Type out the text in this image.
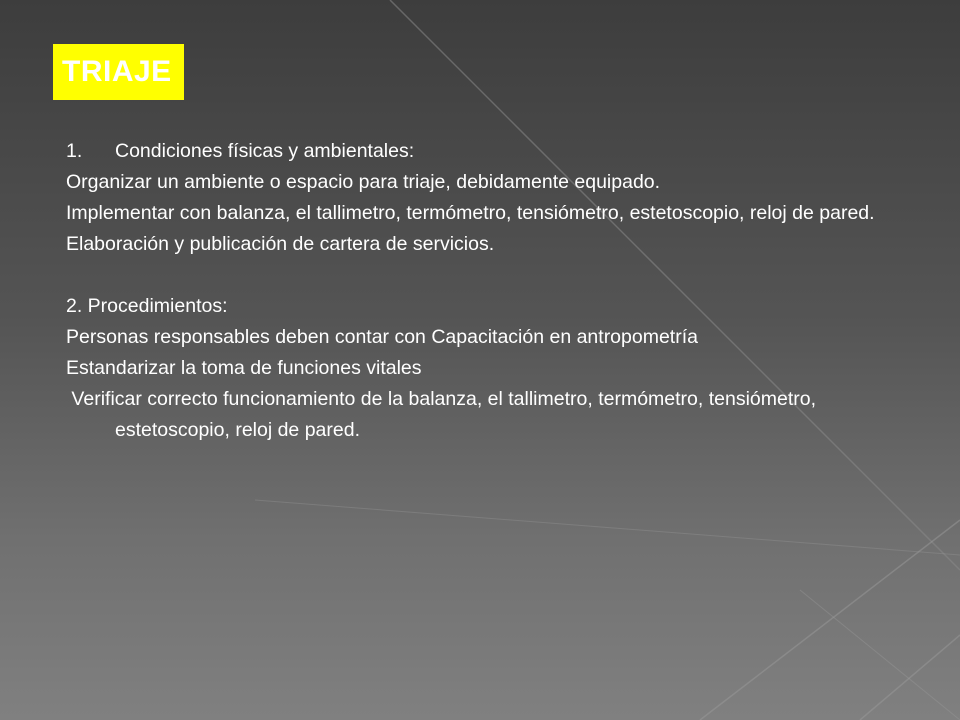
TRIAJE
1.	Condiciones físicas y ambientales:

Organizar un ambiente o espacio para triaje, debidamente equipado.

Implementar con balanza, el tallimetro, termómetro, tensiómetro, estetoscopio, reloj de pared.

Elaboración y publicación de cartera de servicios.

2. Procedimientos:

Personas responsables deben contar con Capacitación en antropometría

Estandarizar la toma de funciones vitales

Verificar correcto funcionamiento de la balanza, el tallimetro, termómetro, tensiómetro, estetoscopio, reloj de pared.
